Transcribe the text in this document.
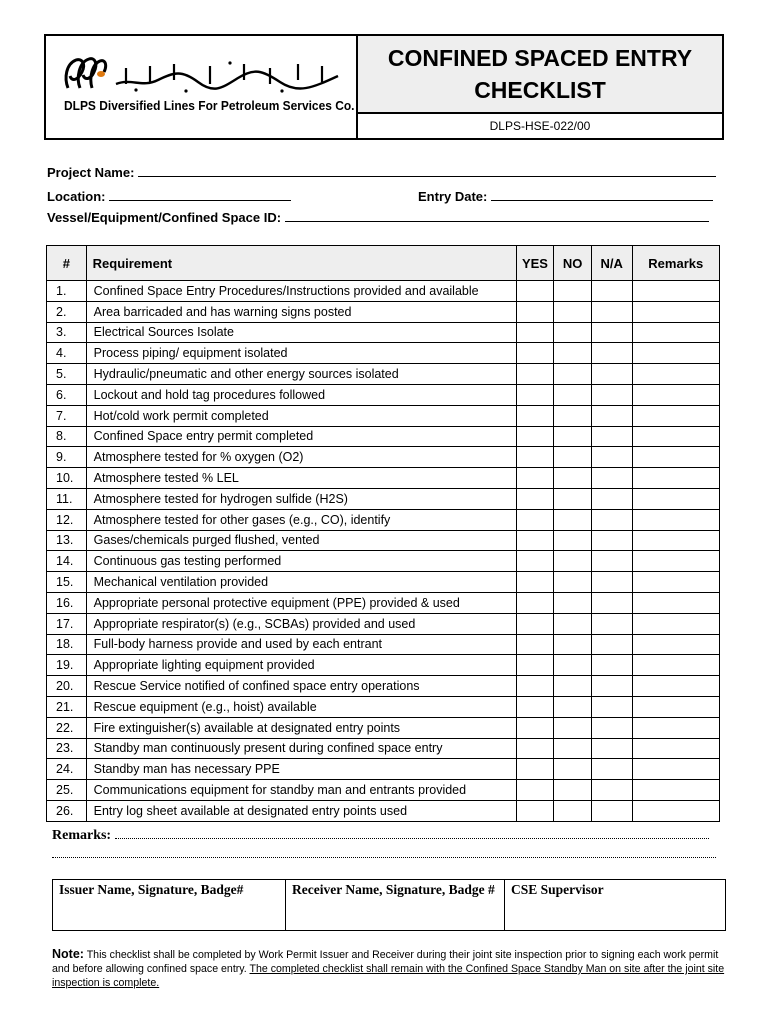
DLPS Diversified Lines For Petroleum Services Co.
CONFINED SPACED ENTRY CHECKLIST
DLPS-HSE-022/00
Project Name:
Location:	Entry Date:
Vessel/Equipment/Confined Space ID:
#	Requirement	YES	NO	N/A	Remarks
1.	Confined Space Entry Procedures/Instructions provided and available				
2.	Area barricaded and has warning signs posted				
3.	Electrical Sources Isolate				
4.	Process piping/ equipment isolated				
5.	Hydraulic/pneumatic and other energy sources isolated				
6.	Lockout and hold tag procedures followed				
7.	Hot/cold work permit completed				
8.	Confined Space entry permit completed				
9.	Atmosphere tested for % oxygen (O2)				
10.	Atmosphere tested % LEL				
11.	Atmosphere tested for hydrogen sulfide (H2S)				
12.	Atmosphere tested for other gases (e.g., CO), identify				
13.	Gases/chemicals purged flushed, vented				
14.	Continuous gas testing performed				
15.	Mechanical ventilation provided				
16.	Appropriate personal protective equipment (PPE) provided & used				
17.	Appropriate respirator(s) (e.g., SCBAs) provided and used				
18.	Full-body harness provide and used by each entrant				
19.	Appropriate lighting equipment provided				
20.	Rescue Service notified of confined space entry operations				
21.	Rescue equipment (e.g., hoist) available				
22.	Fire extinguisher(s) available at designated entry points				
23.	Standby man continuously present during confined space entry				
24.	Standby man has necessary PPE				
25.	Communications equipment for standby man and entrants provided				
26.	Entry log sheet available at designated entry points used				
Remarks:
Issuer Name, Signature, Badge#	Receiver Name, Signature, Badge #	CSE Supervisor
Note: This checklist shall be completed by Work Permit Issuer and Receiver during their joint site inspection prior to signing each work permit and before allowing confined space entry. The completed checklist shall remain with the Confined Space Standby Man on site after the joint site inspection is complete.
